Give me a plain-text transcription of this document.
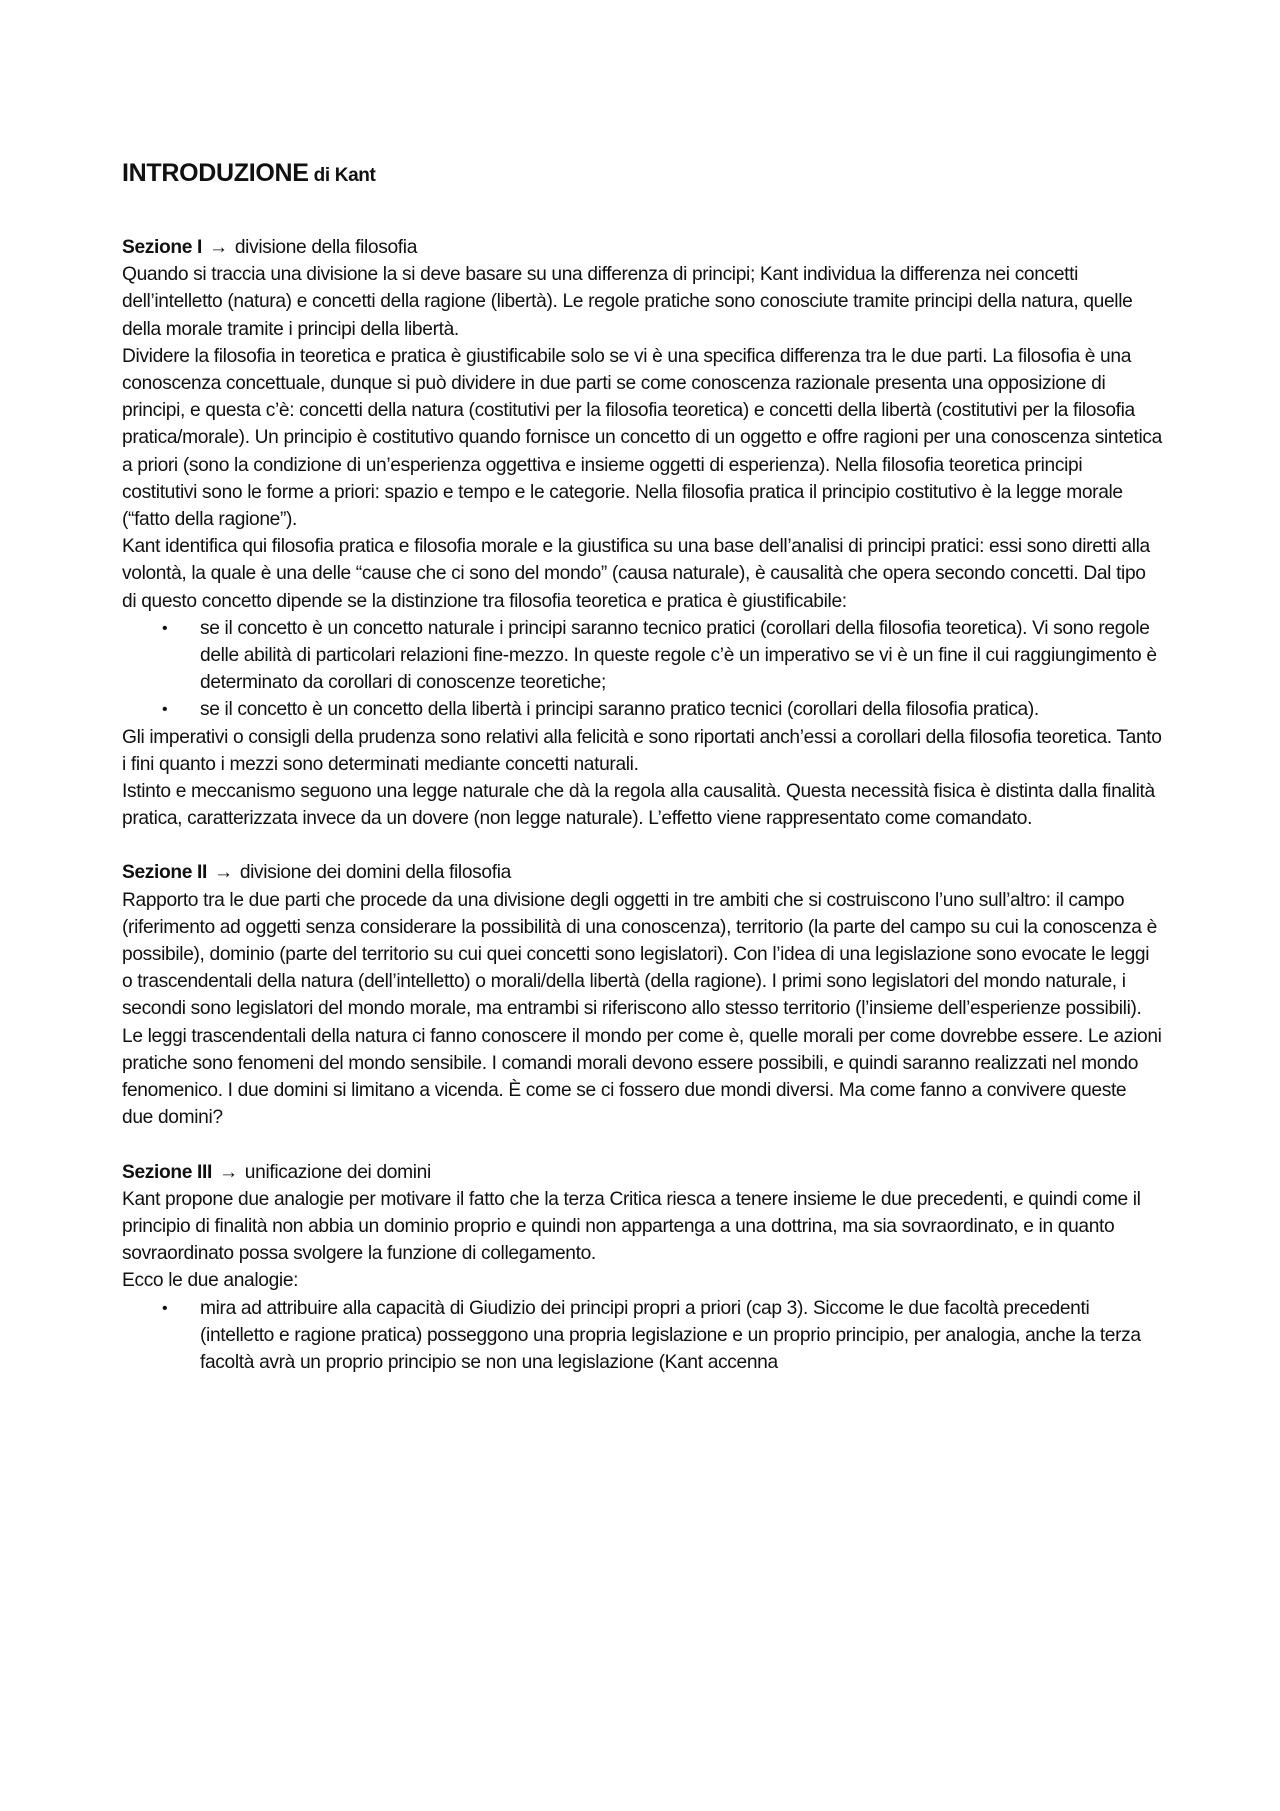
INTRODUZIONE di Kant

Sezione I → divisione della filosofia

Quando si traccia una divisione la si deve basare su una differenza di principi; Kant individua la differenza nei concetti dell’intelletto (natura) e concetti della ragione (libertà). Le regole pratiche sono conosciute tramite principi della natura, quelle della morale tramite i principi della libertà.

Dividere la filosofia in teoretica e pratica è giustificabile solo se vi è una specifica differenza tra le due parti. La filosofia è una conoscenza concettuale, dunque si può dividere in due parti se come conoscenza razionale presenta una opposizione di principi, e questa c’è: concetti della natura (costitutivi per la filosofia teoretica) e concetti della libertà (costitutivi per la filosofia pratica/morale). Un principio è costitutivo quando fornisce un concetto di un oggetto e offre ragioni per una conoscenza sintetica a priori (sono la condizione di un’esperienza oggettiva e insieme oggetti di esperienza). Nella filosofia teoretica principi costitutivi sono le forme a priori: spazio e tempo e le categorie. Nella filosofia pratica il principio costitutivo è la legge morale (“fatto della ragione”).

Kant identifica qui filosofia pratica e filosofia morale e la giustifica su una base dell’analisi di principi pratici: essi sono diretti alla volontà, la quale è una delle “cause che ci sono del mondo” (causa naturale), è causalità che opera secondo concetti. Dal tipo di questo concetto dipende se la distinzione tra filosofia teoretica e pratica è giustificabile:

• se il concetto è un concetto naturale i principi saranno tecnico pratici (corollari della filosofia teoretica). Vi sono regole delle abilità di particolari relazioni fine-mezzo. In queste regole c’è un imperativo se vi è un fine il cui raggiungimento è determinato da corollari di conoscenze teoretiche;
• se il concetto è un concetto della libertà i principi saranno pratico tecnici (corollari della filosofia pratica).

Gli imperativi o consigli della prudenza sono relativi alla felicità e sono riportati anch’essi a corollari della filosofia teoretica. Tanto i fini quanto i mezzi sono determinati mediante concetti naturali.

Istinto e meccanismo seguono una legge naturale che dà la regola alla causalità. Questa necessità fisica è distinta dalla finalità pratica, caratterizzata invece da un dovere (non legge naturale). L’effetto viene rappresentato come comandato.

Sezione II → divisione dei domini della filosofia

Rapporto tra le due parti che procede da una divisione degli oggetti in tre ambiti che si costruiscono l’uno sull’altro: il campo (riferimento ad oggetti senza considerare la possibilità di una conoscenza), territorio (la parte del campo su cui la conoscenza è possibile), dominio (parte del territorio su cui quei concetti sono legislatori). Con l’idea di una legislazione sono evocate le leggi o trascendentali della natura (dell’intelletto) o morali/della libertà (della ragione). I primi sono legislatori del mondo naturale, i secondi sono legislatori del mondo morale, ma entrambi si riferiscono allo stesso territorio (l’insieme dell’esperienze possibili). Le leggi trascendentali della natura ci fanno conoscere il mondo per come è, quelle morali per come dovrebbe essere. Le azioni pratiche sono fenomeni del mondo sensibile. I comandi morali devono essere possibili, e quindi saranno realizzati nel mondo fenomenico. I due domini si limitano a vicenda. È come se ci fossero due mondi diversi. Ma come fanno a convivere queste due domini?

Sezione III → unificazione dei domini

Kant propone due analogie per motivare il fatto che la terza Critica riesca a tenere insieme le due precedenti, e quindi come il principio di finalità non abbia un dominio proprio e quindi non appartenga a una dottrina, ma sia sovraordinato, e in quanto sovraordinato possa svolgere la funzione di collegamento.

Ecco le due analogie:

• mira ad attribuire alla capacità di Giudizio dei principi propri a priori (cap 3). Siccome le due facoltà precedenti (intelletto e ragione pratica) posseggono una propria legislazione e un proprio principio, per analogia, anche la terza facoltà avrà un proprio principio se non una legislazione (Kant accenna
